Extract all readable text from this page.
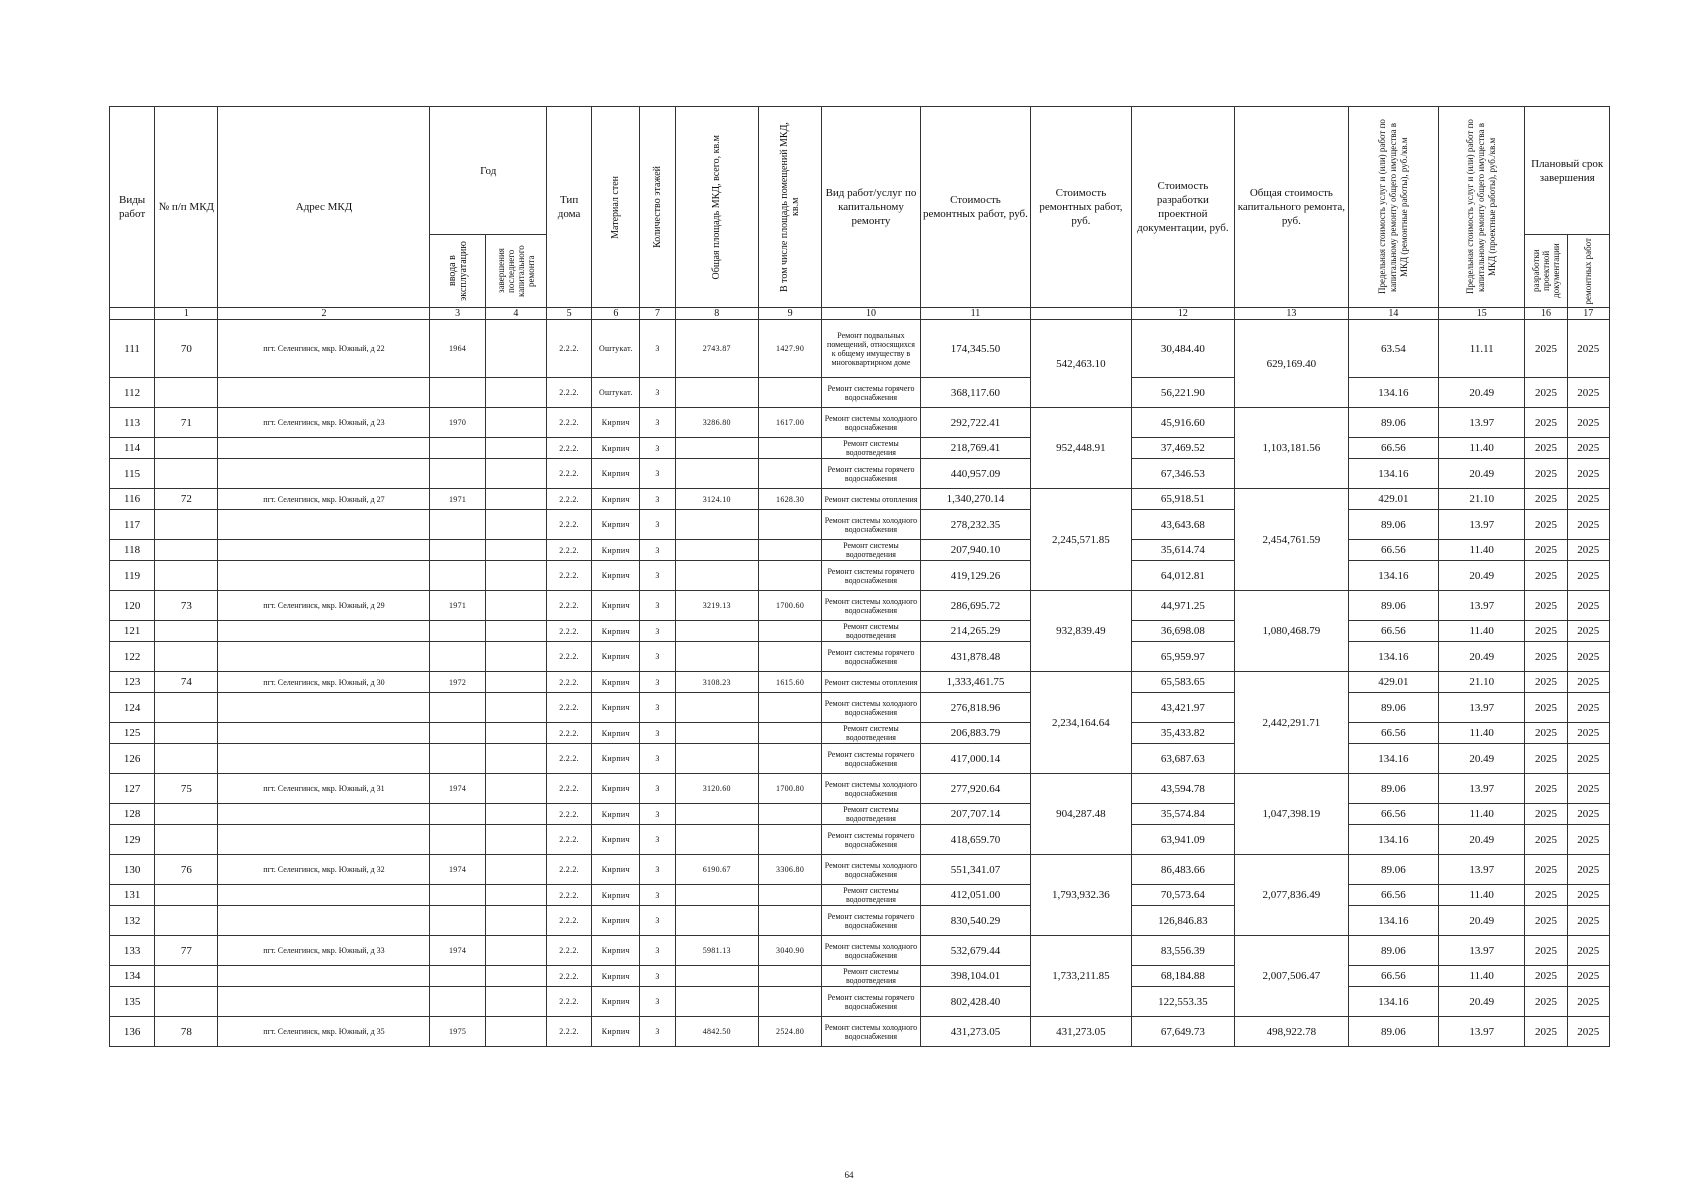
Виды работ	№ п/п МКД	Адрес МКД	Год		Тип дома	Материал стен	Количество этажей	Общая площадь МКД, всего, кв.м	В том числе площадь помещений МКД, кв.м	Вид работ/услуг по капитальному ремонту	Стоимость ремонтных работ, руб.	Стоимость ремонтных работ, руб.	Стоимость разработки проектной документации, руб.	Общая стоимость капитального ремонта, руб.	Предельная стоимость услуг и (или) работ по капитальному ремонту общего имущества в МКД (ремонтные работы), руб./кв.м	Предельная стоимость услуг и (или) работ по капитальному ремонту общего имущества в МКД (проектные работы), руб./кв.м	Плановый срок завершения	

			ввода в эксплуатацию	завершения последнего капитального ремонта													разработки проектной документации	ремонтных работ

	1	2	3	4	5	6	7	8	9	10	11		12	13	14	15	16	17
111	70	пгт. Селенгинск, мкр. Южный, д 22	1964		2.2.2.	Оштукат.	3	2743.87	1427.90	Ремонт подвальных помещений, относящихся к общему имуществу в многоквартирном доме	174,345.50	542,463.10	30,484.40	629,169.40	63.54	11.11	2025	2025
112					2.2.2.	Оштукат.	3			Ремонт системы горячего водоснабжения	368,117.60		56,221.90		134.16	20.49	2025	2025
113	71	пгт. Селенгинск, мкр. Южный, д 23	1970		2.2.2.	Кирпич	3	3286.80	1617.00	Ремонт системы холодного водоснабжения	292,722.41	952,448.91	45,916.60	1,103,181.56	89.06	13.97	2025	2025
114					2.2.2.	Кирпич	3			Ремонт системы водоотведения	218,769.41		37,469.52		66.56	11.40	2025	2025
115					2.2.2.	Кирпич	3			Ремонт системы горячего водоснабжения	440,957.09		67,346.53		134.16	20.49	2025	2025
116	72	пгт. Селенгинск, мкр. Южный, д 27	1971		2.2.2.	Кирпич	3	3124.10	1628.30	Ремонт системы отопления	1,340,270.14	2,245,571.85	65,918.51	2,454,761.59	429.01	21.10	2025	2025
117					2.2.2.	Кирпич	3			Ремонт системы холодного водоснабжения	278,232.35		43,643.68		89.06	13.97	2025	2025
118					2.2.2.	Кирпич	3			Ремонт системы водоотведения	207,940.10		35,614.74		66.56	11.40	2025	2025
119					2.2.2.	Кирпич	3			Ремонт системы горячего водоснабжения	419,129.26		64,012.81		134.16	20.49	2025	2025
120	73	пгт. Селенгинск, мкр. Южный, д 29	1971		2.2.2.	Кирпич	3	3219.13	1700.60	Ремонт системы холодного водоснабжения	286,695.72	932,839.49	44,971.25	1,080,468.79	89.06	13.97	2025	2025
121					2.2.2.	Кирпич	3			Ремонт системы водоотведения	214,265.29		36,698.08		66.56	11.40	2025	2025
122					2.2.2.	Кирпич	3			Ремонт системы горячего водоснабжения	431,878.48		65,959.97		134.16	20.49	2025	2025
123	74	пгт. Селенгинск, мкр. Южный, д 30	1972		2.2.2.	Кирпич	3	3108.23	1615.60	Ремонт системы отопления	1,333,461.75	2,234,164.64	65,583.65	2,442,291.71	429.01	21.10	2025	2025
124					2.2.2.	Кирпич	3			Ремонт системы холодного водоснабжения	276,818.96		43,421.97		89.06	13.97	2025	2025
125					2.2.2.	Кирпич	3			Ремонт системы водоотведения	206,883.79		35,433.82		66.56	11.40	2025	2025
126					2.2.2.	Кирпич	3			Ремонт системы горячего водоснабжения	417,000.14		63,687.63		134.16	20.49	2025	2025
127	75	пгт. Селенгинск, мкр. Южный, д 31	1974		2.2.2.	Кирпич	3	3120.60	1700.80	Ремонт системы холодного водоснабжения	277,920.64	904,287.48	43,594.78	1,047,398.19	89.06	13.97	2025	2025
128					2.2.2.	Кирпич	3			Ремонт системы водоотведения	207,707.14		35,574.84		66.56	11.40	2025	2025
129					2.2.2.	Кирпич	3			Ремонт системы горячего водоснабжения	418,659.70		63,941.09		134.16	20.49	2025	2025
130	76	пгт. Селенгинск, мкр. Южный, д 32	1974		2.2.2.	Кирпич	3	6190.67	3306.80	Ремонт системы холодного водоснабжения	551,341.07	1,793,932.36	86,483.66	2,077,836.49	89.06	13.97	2025	2025
131					2.2.2.	Кирпич	3			Ремонт системы водоотведения	412,051.00		70,573.64		66.56	11.40	2025	2025
132					2.2.2.	Кирпич	3			Ремонт системы горячего водоснабжения	830,540.29		126,846.83		134.16	20.49	2025	2025
133	77	пгт. Селенгинск, мкр. Южный, д 33	1974		2.2.2.	Кирпич	3	5981.13	3040.90	Ремонт системы холодного водоснабжения	532,679.44	1,733,211.85	83,556.39	2,007,506.47	89.06	13.97	2025	2025
134					2.2.2.	Кирпич	3			Ремонт системы водоотведения	398,104.01		68,184.88		66.56	11.40	2025	2025
135					2.2.2.	Кирпич	3			Ремонт системы горячего водоснабжения	802,428.40		122,553.35		134.16	20.49	2025	2025
136	78	пгт. Селенгинск, мкр. Южный, д 35	1975		2.2.2.	Кирпич	3	4842.50	2524.80	Ремонт системы холодного водоснабжения	431,273.05	431,273.05	67,649.73	498,922.78	89.06	13.97	2025	2025
64
